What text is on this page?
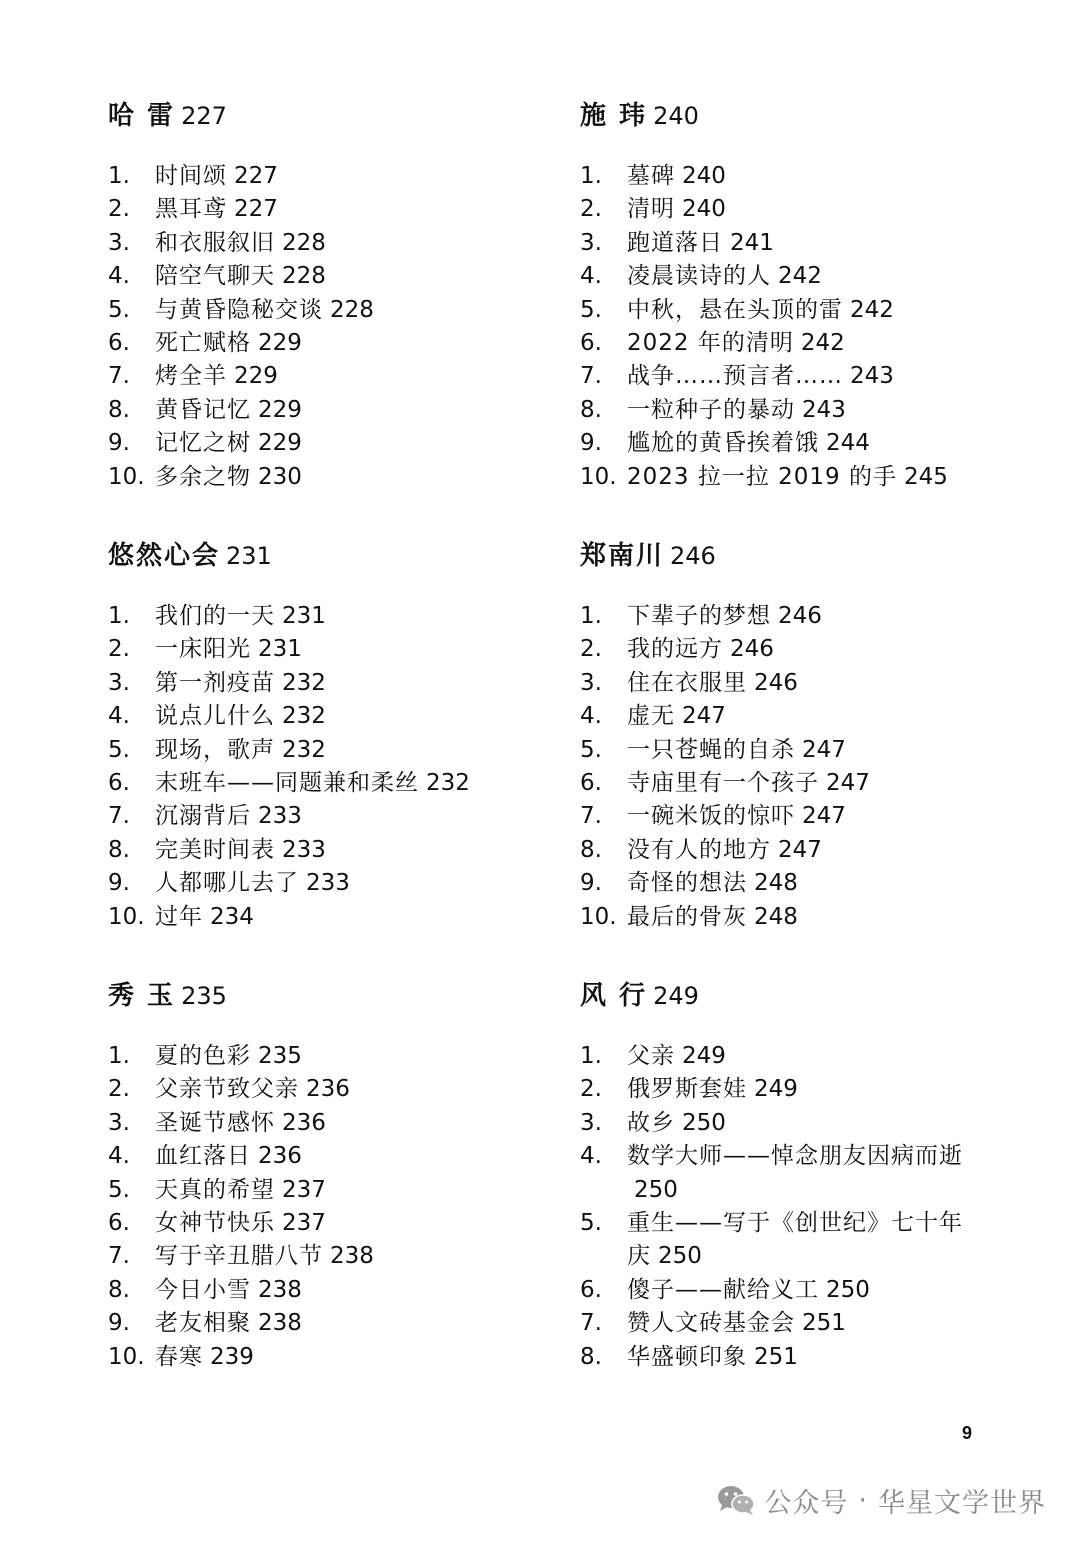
哈 雷 227
1. 时间颂 227
2. 黑耳鸢 227
3. 和衣服叙旧 228
4. 陪空气聊天 228
5. 与黄昏隐秘交谈 228
6. 死亡赋格 229
7. 烤全羊 229
8. 黄昏记忆 229
9. 记忆之树 229
10. 多余之物 230
悠然心会 231
1. 我们的一天 231
2. 一床阳光 231
3. 第一剂疫苗 232
4. 说点儿什么 232
5. 现场，歌声 232
6. 末班车——同题兼和柔丝 232
7. 沉溺背后 233
8. 完美时间表 233
9. 人都哪儿去了 233
10. 过年 234
秀 玉 235
1. 夏的色彩 235
2. 父亲节致父亲 236
3. 圣诞节感怀 236
4. 血红落日 236
5. 天真的希望 237
6. 女神节快乐 237
7. 写于辛丑腊八节 238
8. 今日小雪 238
9. 老友相聚 238
10. 春寒 239
施 玮 240
1. 墓碑 240
2. 清明 240
3. 跑道落日 241
4. 凌晨读诗的人 242
5. 中秋，悬在头顶的雷 242
6. 2022 年的清明 242
7. 战争……预言者…… 243
8. 一粒种子的暴动 243
9. 尴尬的黄昏挨着饿 244
10. 2023 拉一拉 2019 的手 245
郑南川 246
1. 下辈子的梦想 246
2. 我的远方 246
3. 住在衣服里 246
4. 虚无 247
5. 一只苍蝇的自杀 247
6. 寺庙里有一个孩子 247
7. 一碗米饭的惊吓 247
8. 没有人的地方 247
9. 奇怪的想法 248
10. 最后的骨灰 248
风 行 249
1. 父亲 249
2. 俄罗斯套娃 249
3. 故乡 250
4. 数学大师——悼念朋友因病而逝250
5. 重生——写于《创世纪》七十年庆 250
6. 傻子——献给义工 250
7. 赞人文砖基金会 251
8. 华盛顿印象 251
9
公众号 · 华星文学世界
